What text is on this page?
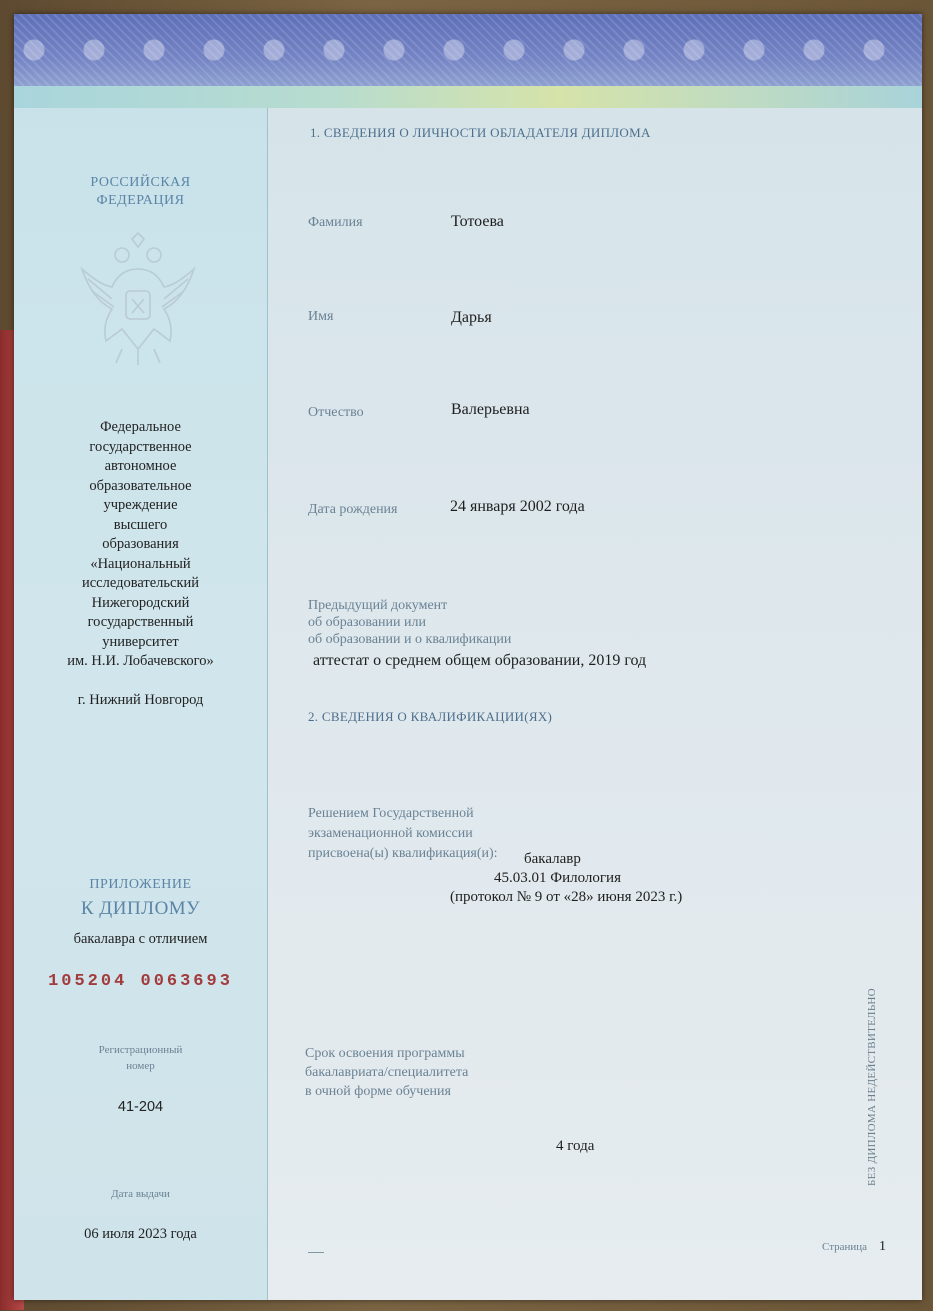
РОССИЙСКАЯ
ФЕДЕРАЦИЯ
Федеральное
государственное
автономное
образовательное
учреждение
высшего
образования
«Национальный
исследовательский
Нижегородский
государственный
университет
им. Н.И. Лобачевского»
г. Нижний Новгород
ПРИЛОЖЕНИЕ
К ДИПЛОМУ
бакалавра с отличием
105204 0063693
Регистрационный
номер
41-204
Дата выдачи
06 июля 2023 года
1. СВЕДЕНИЯ О ЛИЧНОСТИ ОБЛАДАТЕЛЯ ДИПЛОМА
Фамилия	Тотоева
Имя	Дарья
Отчество	Валерьевна
Дата рождения	24 января 2002 года
Предыдущий документ
об образовании или
об образовании и о квалификации
аттестат о среднем общем образовании, 2019 год
2. СВЕДЕНИЯ О КВАЛИФИКАЦИИ(ЯХ)
Решением Государственной
экзаменационной комиссии
присвоена(ы) квалификация(и): бакалавр
45.03.01 Филология
(протокол № 9 от «28» июня 2023 г.)
Срок освоения программы
бакалавриата/специалитета
в очной форме обучения
4 года
Страница 1
БЕЗ ДИПЛОМА НЕДЕЙСТВИТЕЛЬНО
